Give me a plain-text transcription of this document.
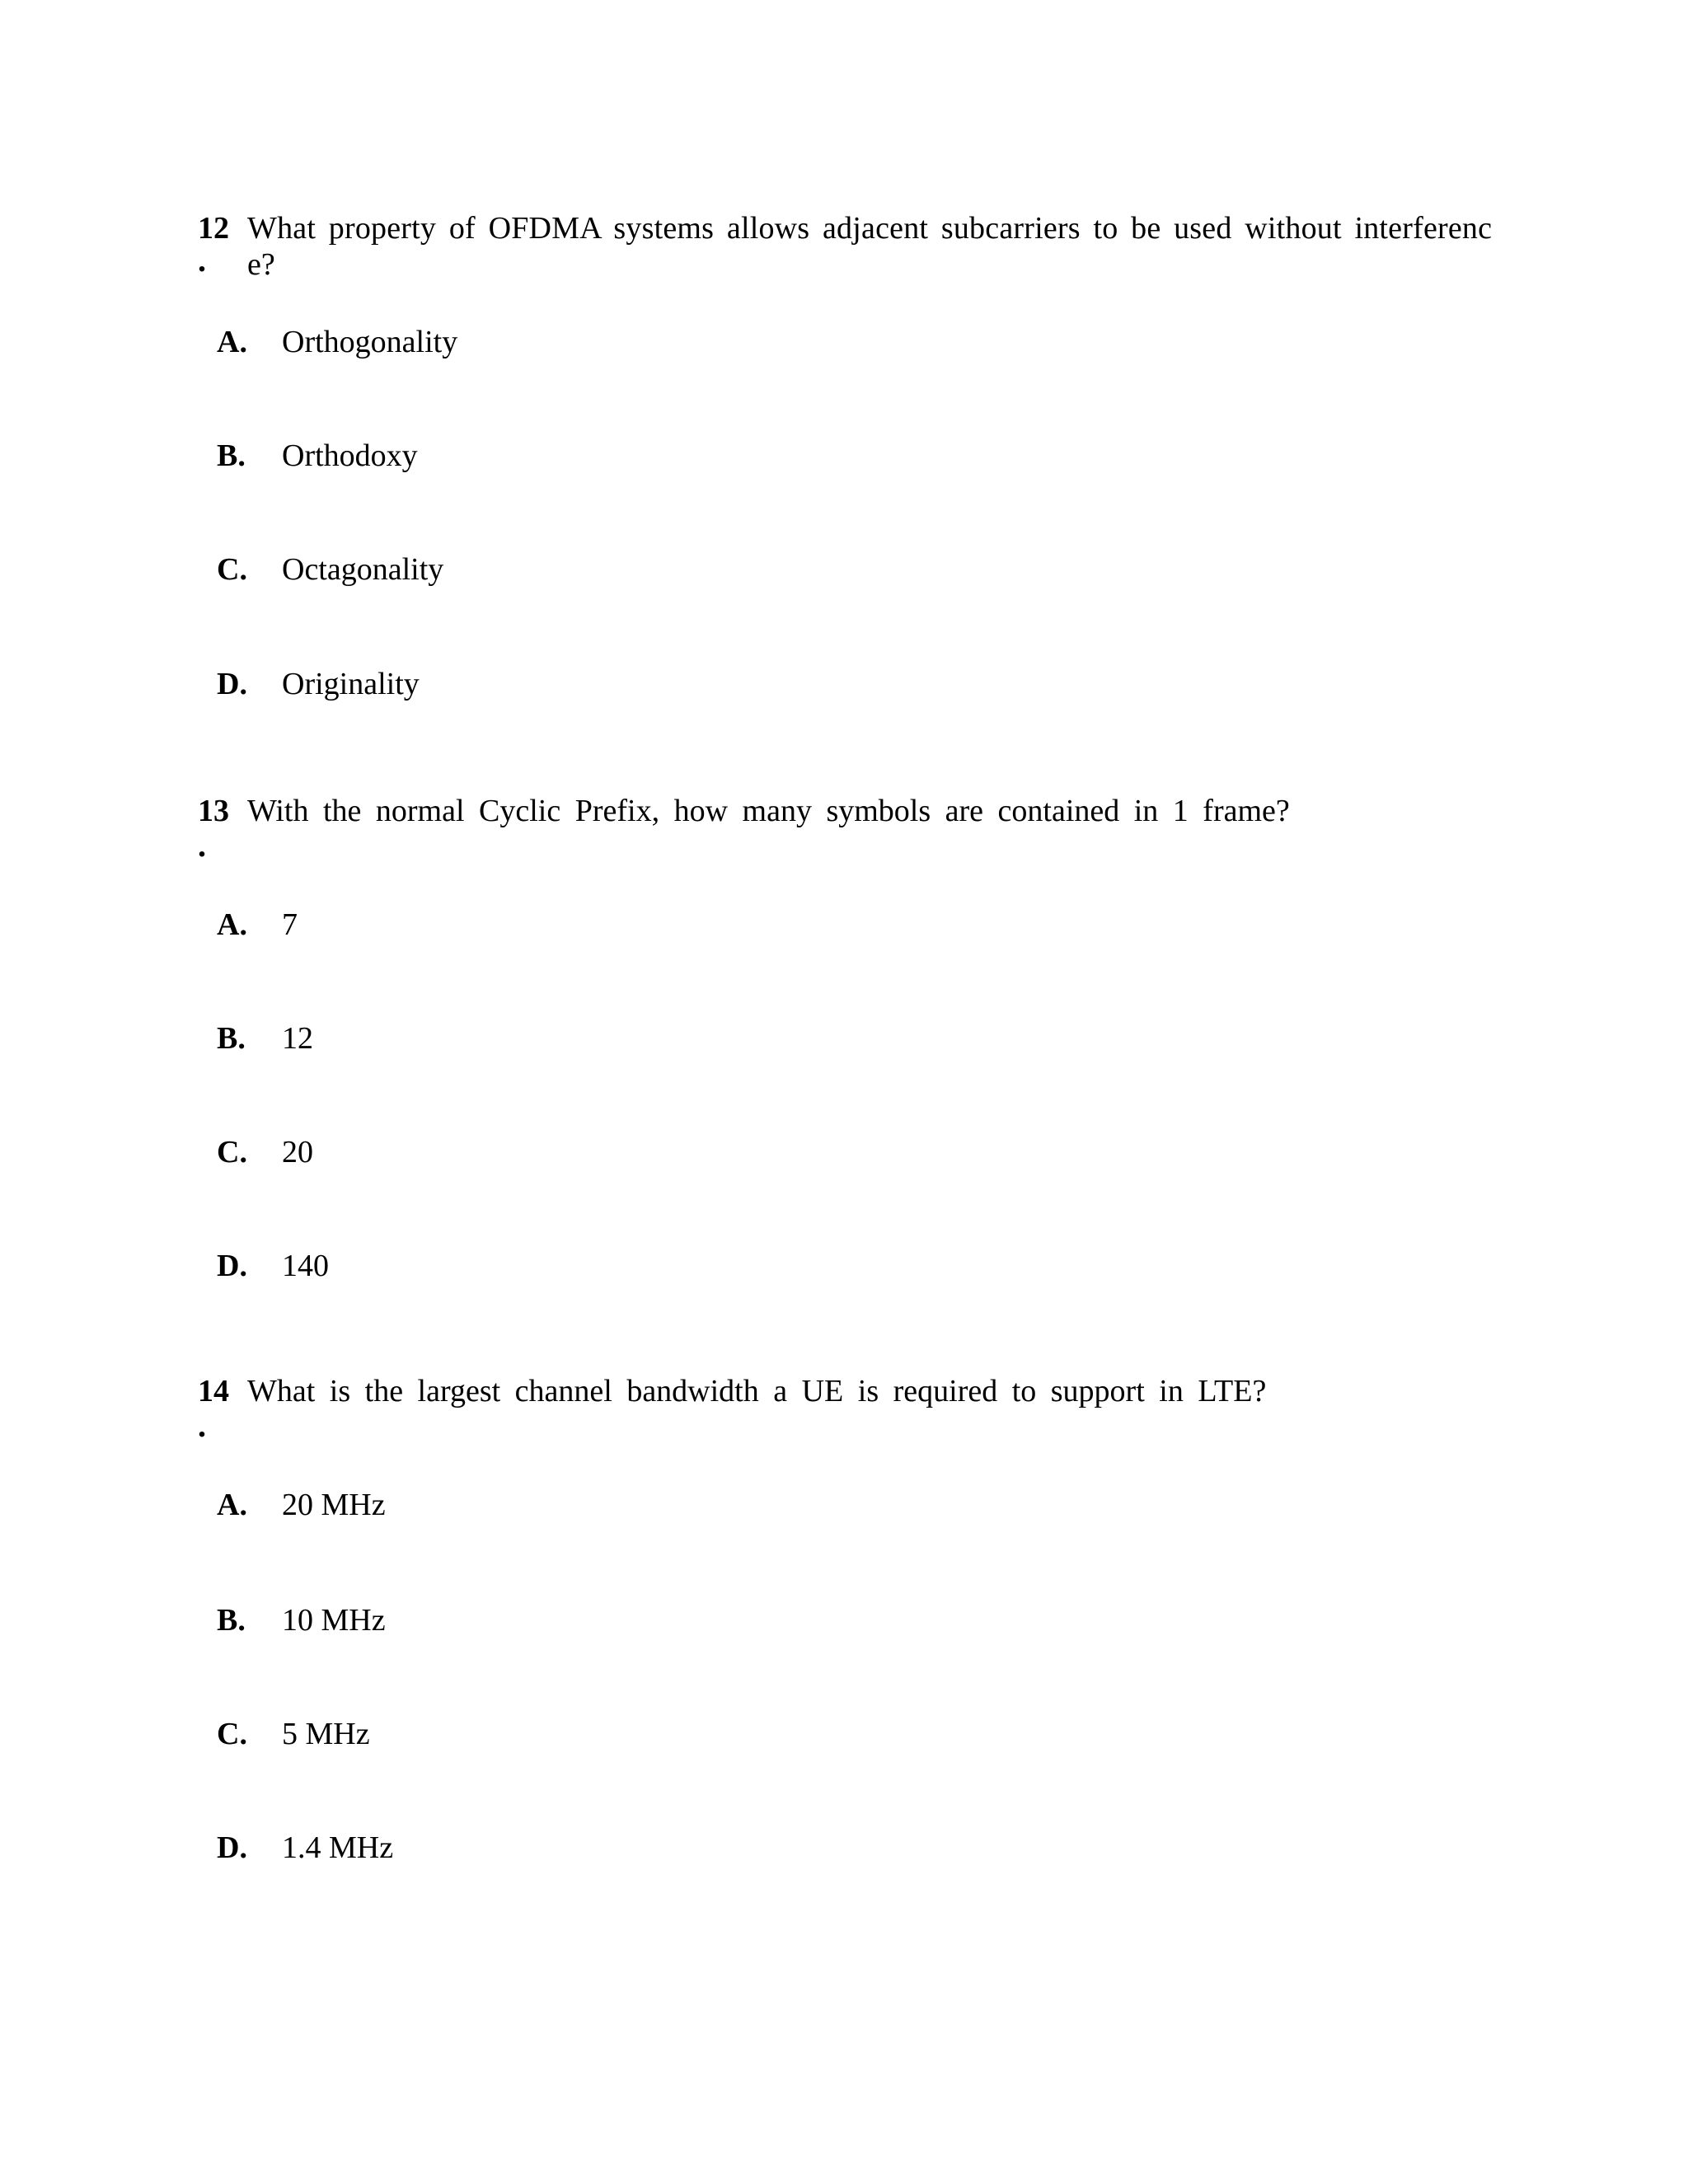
12 What property of OFDMA systems allows adjacent subcarriers to be used without interferenc
. e?
A. Orthogonality
B. Orthodoxy
C. Octagonality
D. Originality
13 With the normal Cyclic Prefix, how many symbols are contained in 1 frame?
.
A. 7
B. 12
C. 20
D. 140
14 What is the largest channel bandwidth a UE is required to support in LTE?
.
A. 20 MHz
B. 10 MHz
C. 5 MHz
D. 1.4 MHz
